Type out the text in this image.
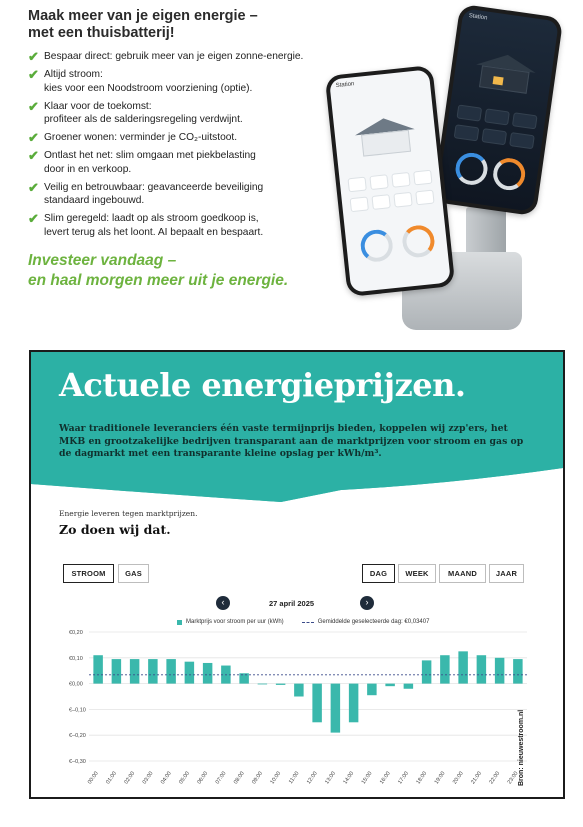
Maak meer van je eigen energie –
met een thuisbatterij!
✔ Bespaar direct: gebruik meer van je eigen zonne-energie.
✔ Altijd stroom:
kies voor een Noodstroom voorziening (optie).
✔ Klaar voor de toekomst:
profiteer als de salderingsregeling verdwijnt.
✔ Groener wonen: verminder je CO₂-uitstoot.
✔ Ontlast het net: slim omgaan met piekbelasting
door in en verkoop.
✔ Veilig en betrouwbaar: geavanceerde beveiliging
standaard ingebouwd.
✔ Slim geregeld: laadt op als stroom goedkoop is,
levert terug als het loont. AI bepaalt en bespaart.
Investeer vandaag –
en haal morgen meer uit je energie.
Station
Station
Actuele energieprijzen.
Waar traditionele leveranciers één vaste termijnprijs bieden, koppelen wij zzp'ers, het MKB en grootzakelijke bedrijven transparant aan de marktprijzen voor stroom en gas op de dagmarkt met een transparante kleine opslag per kWh/m³.
Energie leveren tegen marktprijzen.
Zo doen wij dat.
STROOM	GAS	DAG	WEEK	MAAND	JAAR
‹	27 april 2025	›
Marktprijs voor stroom per uur (kWh)	Gemiddelde geselecteerde dag: €0,03407
€0,20
€0,10
€0,00
€–0,10
€–0,20
€–0,30
00:00 01:00 02:00 03:00 04:00 05:00 06:00 07:00 08:00 09:00 10:00 11:00 12:00 13:00 14:00 15:00 16:00 17:00 18:00 19:00 20:00 21:00 22:00 23:00
Bron: nieuwestroom.nl
